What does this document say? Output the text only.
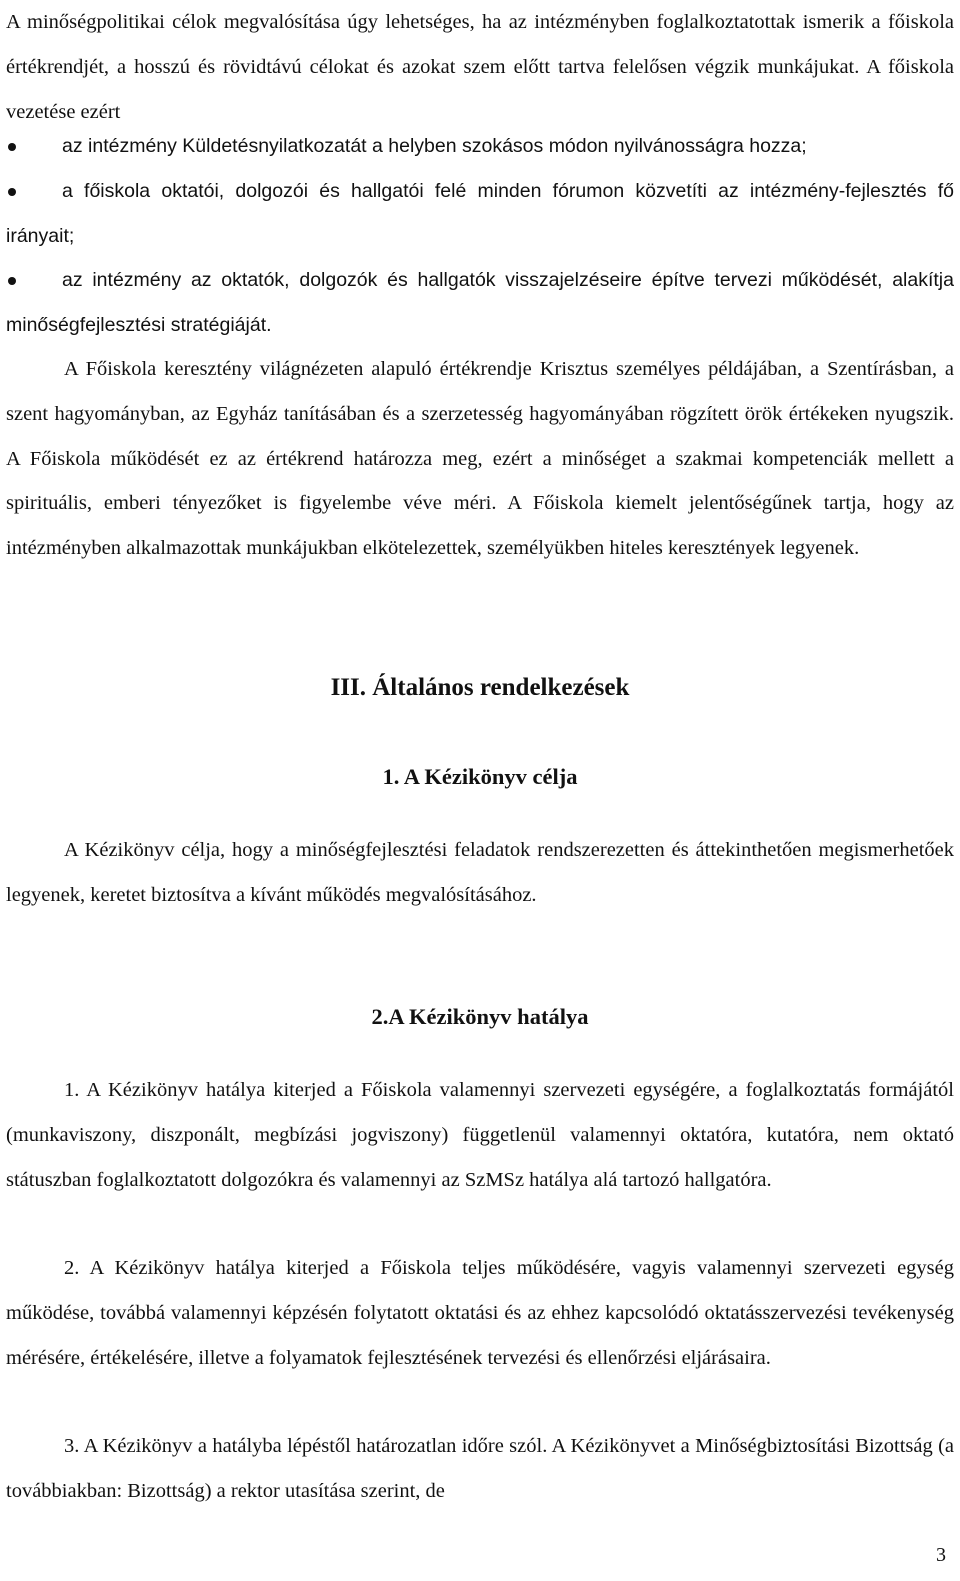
A minőségpolitikai célok megvalósítása úgy lehetséges, ha az intézményben foglalkoztatottak ismerik a főiskola értékrendjét, a hosszú és rövidtávú célokat és azokat szem előtt tartva felelősen végzik munkájukat. A főiskola vezetése ezért

az intézmény Küldetésnyilatkozatát a helyben szokásos módon nyilvánosságra hozza;

a főiskola oktatói, dolgozói és hallgatói felé minden fórumon közvetíti az intézmény-fejlesztés fő irányait;

az intézmény az oktatók, dolgozók és hallgatók visszajelzéseire építve tervezi működését, alakítja minőségfejlesztési stratégiáját.

A Főiskola keresztény világnézeten alapuló értékrendje Krisztus személyes példájában, a Szentírásban, a szent hagyományban, az Egyház tanításában és a szerzetesség hagyományában rögzített örök értékeken nyugszik. A Főiskola működését ez az értékrend határozza meg, ezért a minőséget a szakmai kompetenciák mellett a spirituális, emberi tényezőket is figyelembe véve méri. A Főiskola kiemelt jelentőségűnek tartja, hogy az intézményben alkalmazottak munkájukban elkötelezettek, személyükben hiteles keresztények legyenek.

III. Általános rendelkezések
1. A Kézikönyv célja

A Kézikönyv célja, hogy a minőségfejlesztési feladatok rendszerezetten és áttekinthetően megismerhetőek legyenek, keretet biztosítva a kívánt működés megvalósításához.

2.A Kézikönyv hatálya

1. A Kézikönyv hatálya kiterjed a Főiskola valamennyi szervezeti egységére, a foglalkoztatás formájától (munkaviszony, diszponált, megbízási jogviszony) függetlenül valamennyi oktatóra, kutatóra, nem oktató státuszban foglalkoztatott dolgozókra és valamennyi az SzMSz hatálya alá tartozó hallgatóra.

2. A Kézikönyv hatálya kiterjed a Főiskola teljes működésére, vagyis valamennyi szervezeti egység működése, továbbá valamennyi képzésén folytatott oktatási és az ehhez kapcsolódó oktatásszervezési tevékenység mérésére, értékelésére, illetve a folyamatok fejlesztésének tervezési és ellenőrzési eljárásaira.

3. A Kézikönyv a hatályba lépéstől határozatlan időre szól. A Kézikönyvet a Minőségbiztosítási Bizottság (a továbbiakban: Bizottság) a rektor utasítása szerint, de

3
